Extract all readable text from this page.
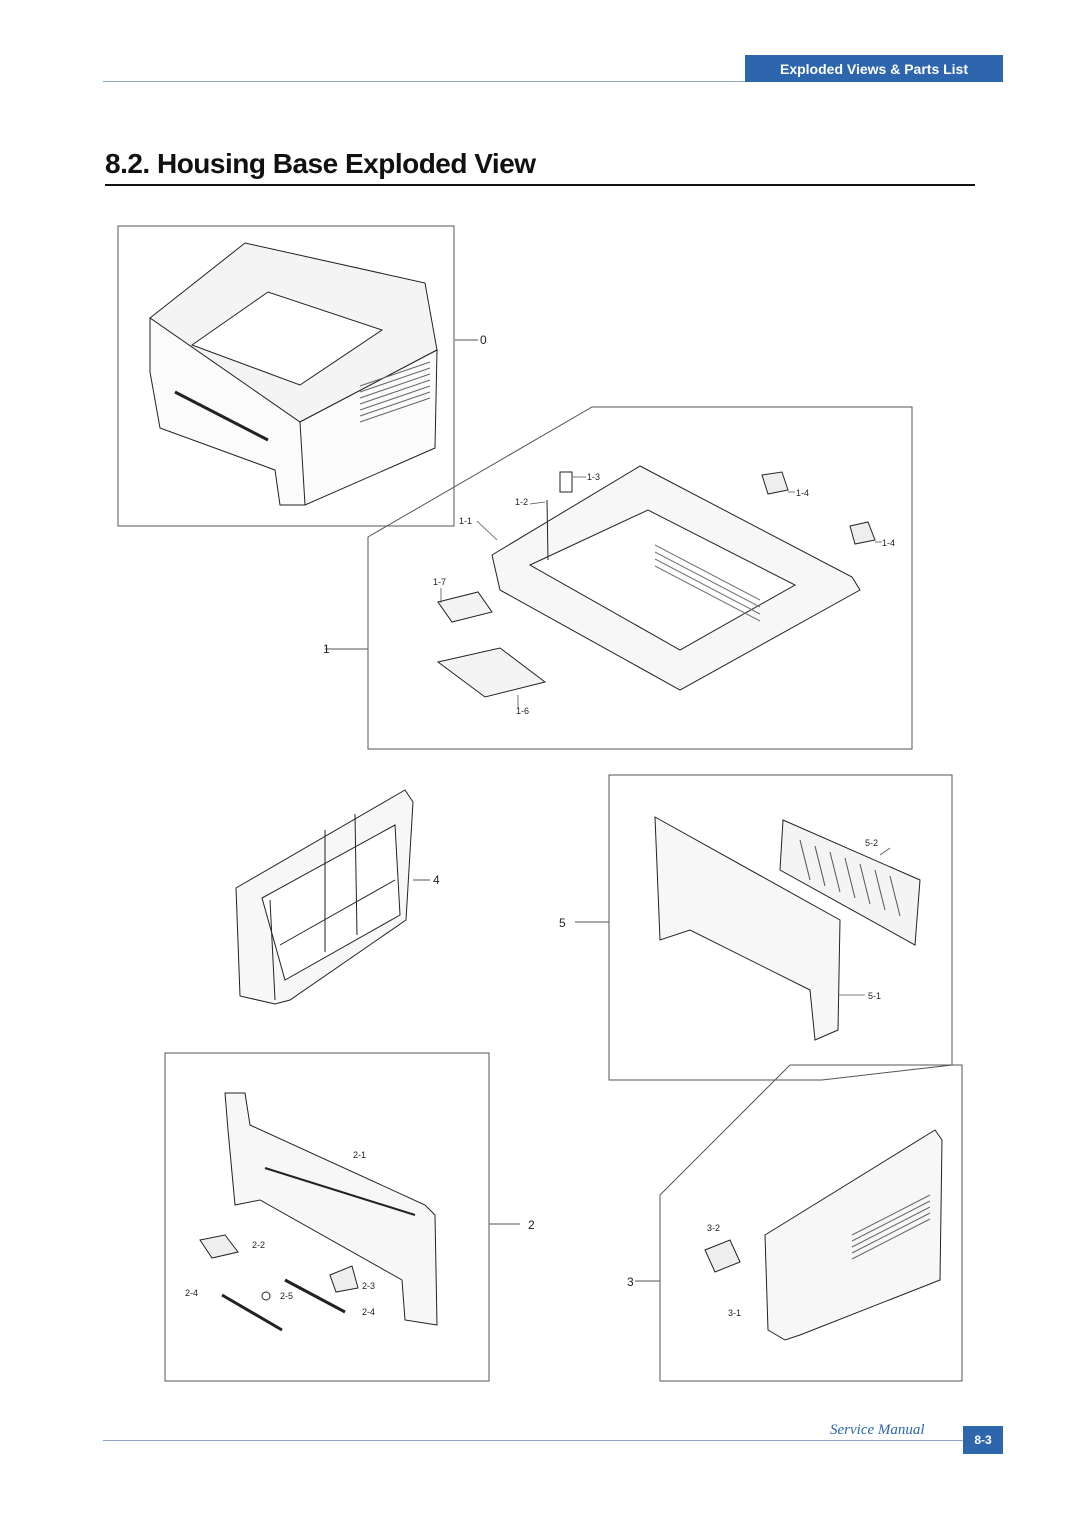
Exploded Views & Parts List
8.2. Housing Base Exploded View
0
1
4
5
2
3
1-3
1-2
1-4
1-1
1-4
1-7
1-6
5-2
5-1
2-1
3-2
2-2
2-3
2-4	2-5
2-4	3-1
Service Manual
8-3
